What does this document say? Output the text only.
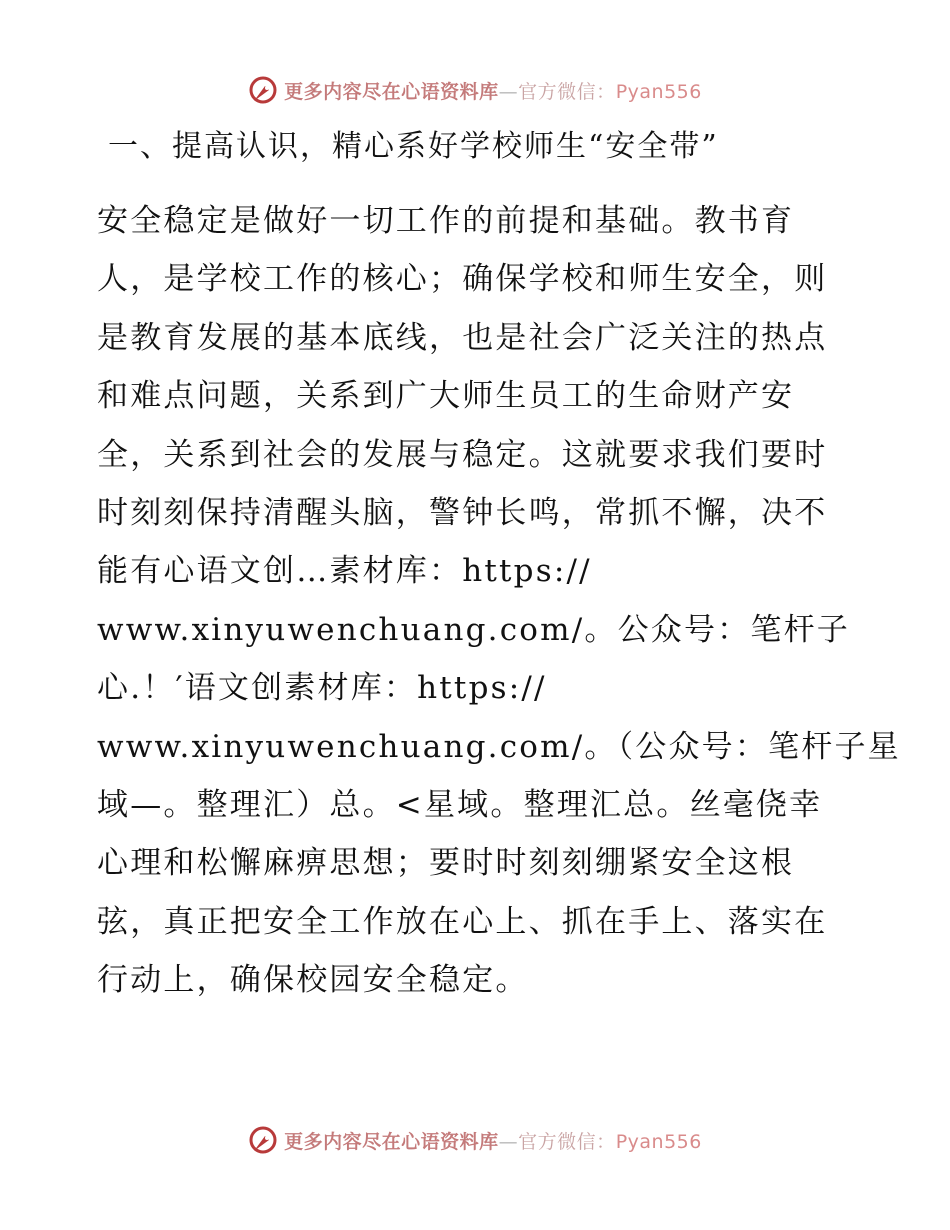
更多内容尽在心语资料库—官方微信：Pyan556
一、提高认识，精心系好学校师生“安全带”
安全稳定是做好一切工作的前提和基础。教书育
人，是学校工作的核心；确保学校和师生安全，则
是教育发展的基本底线，也是社会广泛关注的热点
和难点问题，关系到广大师生员工的生命财产安
全，关系到社会的发展与稳定。这就要求我们要时
时刻刻保持清醒头脑，警钟长鸣，常抓不懈，决不
能有心语文创…素材库：https://
www.xinyuwenchuang.com/。公众号：笔杆子
心.！′语文创素材库：https://
www.xinyuwenchuang.com/。（公众号：笔杆子星
域—。整理汇）总。<星域。整理汇总。丝毫侥幸
心理和松懈麻痹思想；要时时刻刻绷紧安全这根
弦，真正把安全工作放在心上、抓在手上、落实在
行动上，确保校园安全稳定。
更多内容尽在心语资料库—官方微信：Pyan556
